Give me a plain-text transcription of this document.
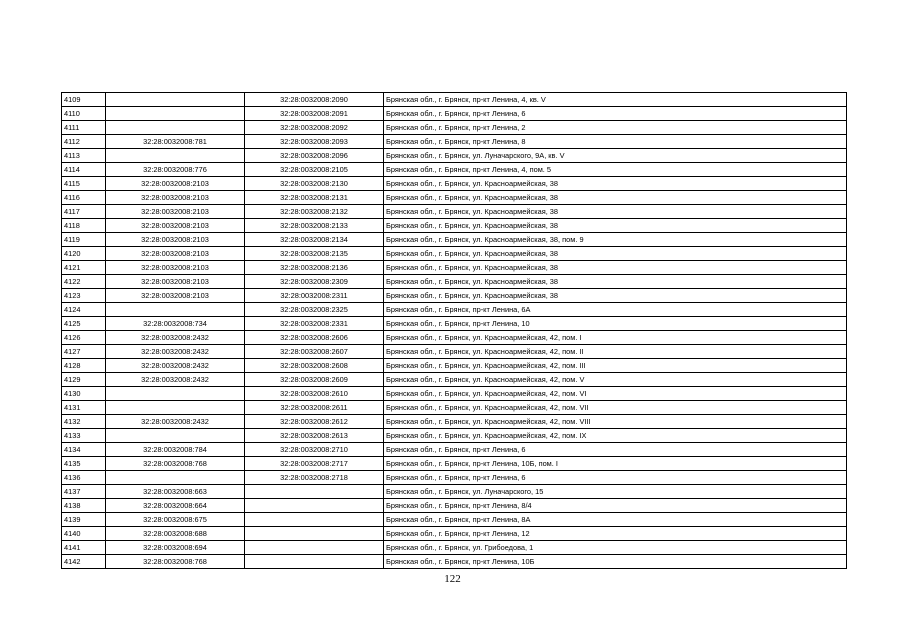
4109		32:28:0032008:2090	Брянская обл., г. Брянск, пр-кт Ленина, 4, кв. V
4110		32:28:0032008:2091	Брянская обл., г. Брянск, пр-кт Ленина, 6
4111		32:28:0032008:2092	Брянская обл., г. Брянск, пр-кт Ленина, 2
4112	32:28:0032008:781	32:28:0032008:2093	Брянская обл., г. Брянск, пр-кт Ленина, 8
4113		32:28:0032008:2096	Брянская обл., г. Брянск, ул. Луначарского, 9А, кв. V
4114	32:28:0032008:776	32:28:0032008:2105	Брянская обл., г. Брянск, пр-кт Ленина, 4, пом. 5
4115	32:28:0032008:2103	32:28:0032008:2130	Брянская обл., г. Брянск, ул. Красноармейская, 38
4116	32:28:0032008:2103	32:28:0032008:2131	Брянская обл., г. Брянск, ул. Красноармейская, 38
4117	32:28:0032008:2103	32:28:0032008:2132	Брянская обл., г. Брянск, ул. Красноармейская, 38
4118	32:28:0032008:2103	32:28:0032008:2133	Брянская обл., г. Брянск, ул. Красноармейская, 38
4119	32:28:0032008:2103	32:28:0032008:2134	Брянская обл., г. Брянск, ул. Красноармейская, 38, пом. 9
4120	32:28:0032008:2103	32:28:0032008:2135	Брянская обл., г. Брянск, ул. Красноармейская, 38
4121	32:28:0032008:2103	32:28:0032008:2136	Брянская обл., г. Брянск, ул. Красноармейская, 38
4122	32:28:0032008:2103	32:28:0032008:2309	Брянская обл., г. Брянск, ул. Красноармейская, 38
4123	32:28:0032008:2103	32:28:0032008:2311	Брянская обл., г. Брянск, ул. Красноармейская, 38
4124		32:28:0032008:2325	Брянская обл., г. Брянск, пр-кт Ленина, 6А
4125	32:28:0032008:734	32:28:0032008:2331	Брянская обл., г. Брянск, пр-кт Ленина, 10
4126	32:28:0032008:2432	32:28:0032008:2606	Брянская обл., г. Брянск, ул. Красноармейская, 42, пом. I
4127	32:28:0032008:2432	32:28:0032008:2607	Брянская обл., г. Брянск, ул. Красноармейская, 42, пом. II
4128	32:28:0032008:2432	32:28:0032008:2608	Брянская обл., г. Брянск, ул. Красноармейская, 42, пом. III
4129	32:28:0032008:2432	32:28:0032008:2609	Брянская обл., г. Брянск, ул. Красноармейская, 42, пом. V
4130		32:28:0032008:2610	Брянская обл., г. Брянск, ул. Красноармейская, 42, пом. VI
4131		32:28:0032008:2611	Брянская обл., г. Брянск, ул. Красноармейская, 42, пом. VII
4132	32:28:0032008:2432	32:28:0032008:2612	Брянская обл., г. Брянск, ул. Красноармейская, 42, пом. VIII
4133		32:28:0032008:2613	Брянская обл., г. Брянск, ул. Красноармейская, 42, пом. IX
4134	32:28:0032008:784	32:28:0032008:2710	Брянская обл., г. Брянск, пр-кт Ленина, 6
4135	32:28:0032008:768	32:28:0032008:2717	Брянская обл., г. Брянск, пр-кт Ленина, 10Б, пом. I
4136		32:28:0032008:2718	Брянская обл., г. Брянск, пр-кт Ленина, 6
4137	32:28:0032008:663		Брянская обл., г. Брянск, ул. Луначарского, 15
4138	32:28:0032008:664		Брянская обл., г. Брянск, пр-кт Ленина, 8/4
4139	32:28:0032008:675		Брянская обл., г. Брянск, пр-кт Ленина, 8А
4140	32:28:0032008:688		Брянская обл., г. Брянск, пр-кт Ленина, 12
4141	32:28:0032008:694		Брянская обл., г. Брянск, ул. Грибоедова, 1
4142	32:28:0032008:768		Брянская обл., г. Брянск, пр-кт Ленина, 10Б
122
